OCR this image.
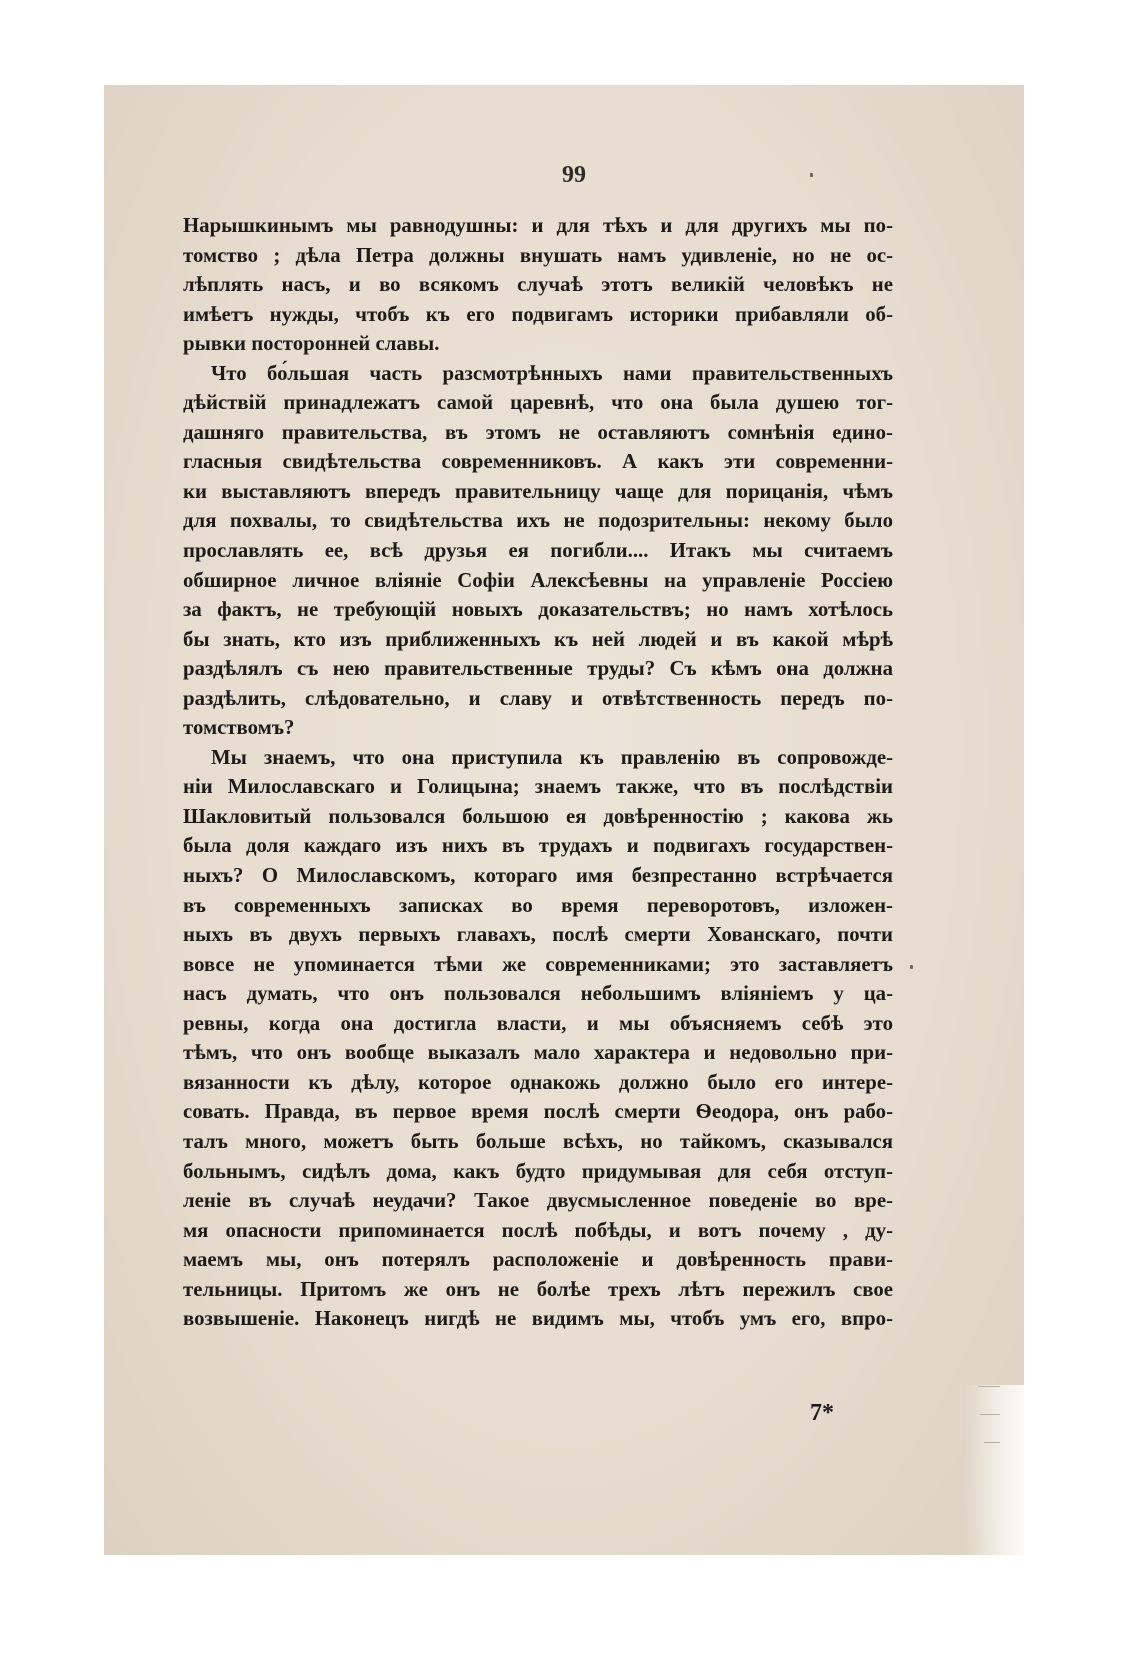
99
Нарышкинымъ мы равнодушны: и для тѣхъ и для другихъ мы по-
томство ; дѣла Петра должны внушать намъ удивленіе, но не ос-
лѣплять насъ, и во всякомъ случаѣ этотъ великій человѣкъ не
имѣетъ нужды, чтобъ къ его подвигамъ историки прибавляли об-
рывки посторонней славы.
Что бо́льшая часть разсмотрѣнныхъ нами правительственныхъ
дѣйствій принадлежатъ самой царевнѣ, что она была душею тог-
дашняго правительства, въ этомъ не оставляютъ сомнѣнія едино-
гласныя свидѣтельства современниковъ. А какъ эти современни-
ки выставляютъ впередъ правительницу чаще для порицанія, чѣмъ
для похвалы, то свидѣтельства ихъ не подозрительны: некому было
прославлять ее, всѣ друзья ея погибли.... Итакъ мы считаемъ
обширное личное вліяніе Софіи Алексѣевны на управленіе Россіею
за фактъ, не требующій новыхъ доказательствъ; но намъ хотѣлось
бы знать, кто изъ приближенныхъ къ ней людей и въ какой мѣрѣ
раздѣлялъ съ нею правительственные труды? Съ кѣмъ она должна
раздѣлить, слѣдовательно, и славу и отвѣтственность передъ по-
томствомъ?
Мы знаемъ, что она приступила къ правленію въ сопровожде-
ніи Милославскаго и Голицына; знаемъ также, что въ послѣдствіи
Шакловитый пользовался большою ея довѣренностію ; какова жь
была доля каждаго изъ нихъ въ трудахъ и подвигахъ государствен-
ныхъ? О Милославскомъ, котораго имя безпрестанно встрѣчается
въ современныхъ записках во время переворотовъ, изложен-
ныхъ въ двухъ первыхъ главахъ, послѣ смерти Хованскаго, почти
вовсе не упоминается тѣми же современниками; это заставляетъ
насъ думать, что онъ пользовался небольшимъ вліяніемъ у ца-
ревны, когда она достигла власти, и мы объясняемъ себѣ это
тѣмъ, что онъ вообще выказалъ мало характера и недовольно при-
вязанности къ дѣлу, которое однакожь должно было его интере-
совать. Правда, въ первое время послѣ смерти Ѳеодора, онъ рабо-
талъ много, можетъ быть больше всѣхъ, но тайкомъ, сказывался
больнымъ, сидѣлъ дома, какъ будто придумывая для себя отступ-
леніе въ случаѣ неудачи? Такое двусмысленное поведеніе во вре-
мя опасности припоминается послѣ побѣды, и вотъ почему , ду-
маемъ мы, онъ потерялъ расположеніе и довѣренность прави-
тельницы. Притомъ же онъ не болѣе трехъ лѣтъ пережилъ свое
возвышеніе. Наконецъ нигдѣ не видимъ мы, чтобъ умъ его, впро-
7*
